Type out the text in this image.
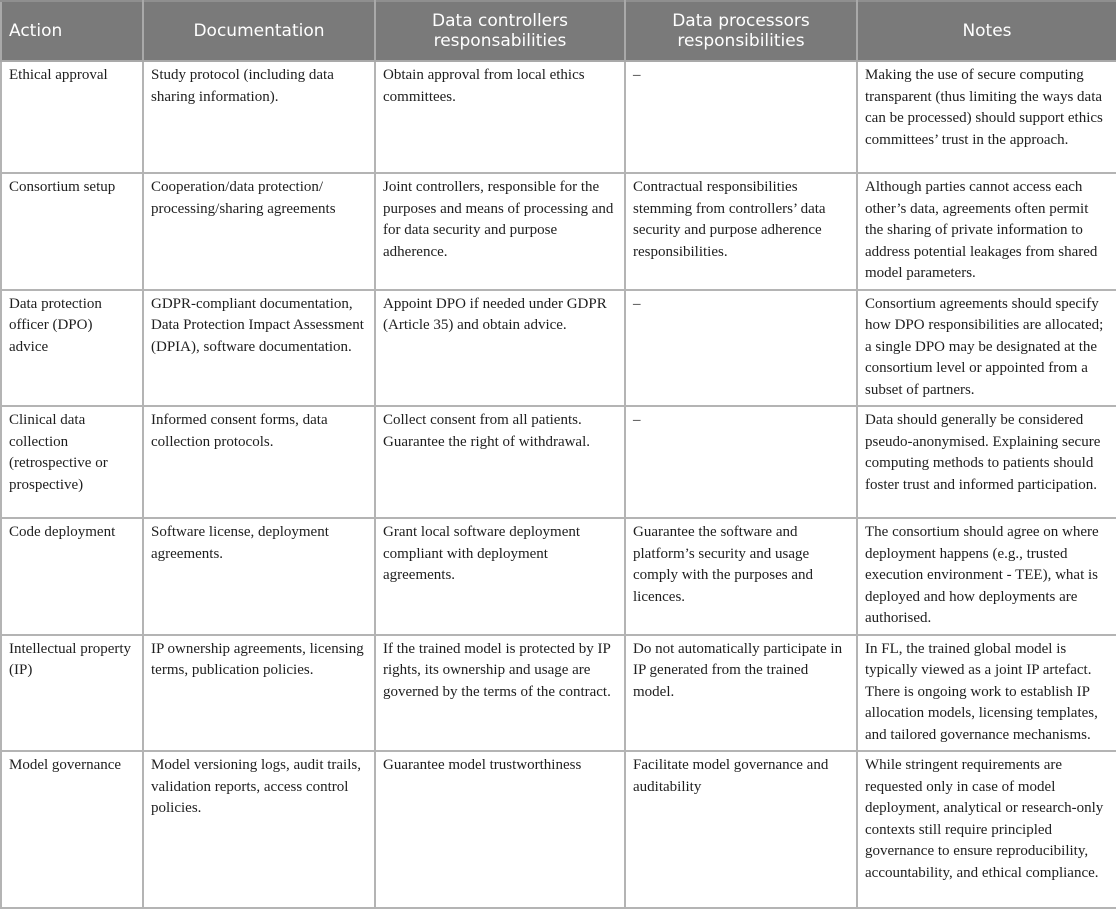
Action	Documentation	Data controllers responsabilities	Data processors responsibilities	Notes
Ethical approval	Study protocol (including data sharing information).	Obtain approval from local ethics committees.	–	Making the use of secure computing transparent (thus limiting the ways data can be processed) should support ethics committees’ trust in the approach.
Consortium setup	Cooperation/data protection/ processing/sharing agreements	Joint controllers, responsible for the purposes and means of processing and for data security and purpose adherence.	Contractual responsibilities stemming from controllers’ data security and purpose adherence responsibilities.	Although parties cannot access each other’s data, agreements often permit the sharing of private information to address potential leakages from shared model parameters.
Data protection officer (DPO) advice	GDPR-compliant documentation, Data Protection Impact Assessment (DPIA), software documentation.	Appoint DPO if needed under GDPR (Article 35) and obtain advice.	–	Consortium agreements should specify how DPO responsibilities are allocated; a single DPO may be designated at the consortium level or appointed from a subset of partners.
Clinical data collection (retrospective or prospective)	Informed consent forms, data collection protocols.	Collect consent from all patients. Guarantee the right of withdrawal.	–	Data should generally be considered pseudo-anonymised. Explaining secure computing methods to patients should foster trust and informed participation.
Code deployment	Software license, deployment agreements.	Grant local software deployment compliant with deployment agreements.	Guarantee the software and platform’s security and usage comply with the purposes and licences.	The consortium should agree on where deployment happens (e.g., trusted execution environment - TEE), what is deployed and how deployments are authorised.
Intellectual property (IP)	IP ownership agreements, licensing terms, publication policies.	If the trained model is protected by IP rights, its ownership and usage are governed by the terms of the contract.	Do not automatically participate in IP generated from the trained model.	In FL, the trained global model is typically viewed as a joint IP artefact. There is ongoing work to establish IP allocation models, licensing templates, and tailored governance mechanisms.
Model governance	Model versioning logs, audit trails, validation reports, access control policies.	Guarantee model trustworthiness	Facilitate model governance and auditability	While stringent requirements are requested only in case of model deployment, analytical or research-only contexts still require principled governance to ensure reproducibility, accountability, and ethical compliance.
